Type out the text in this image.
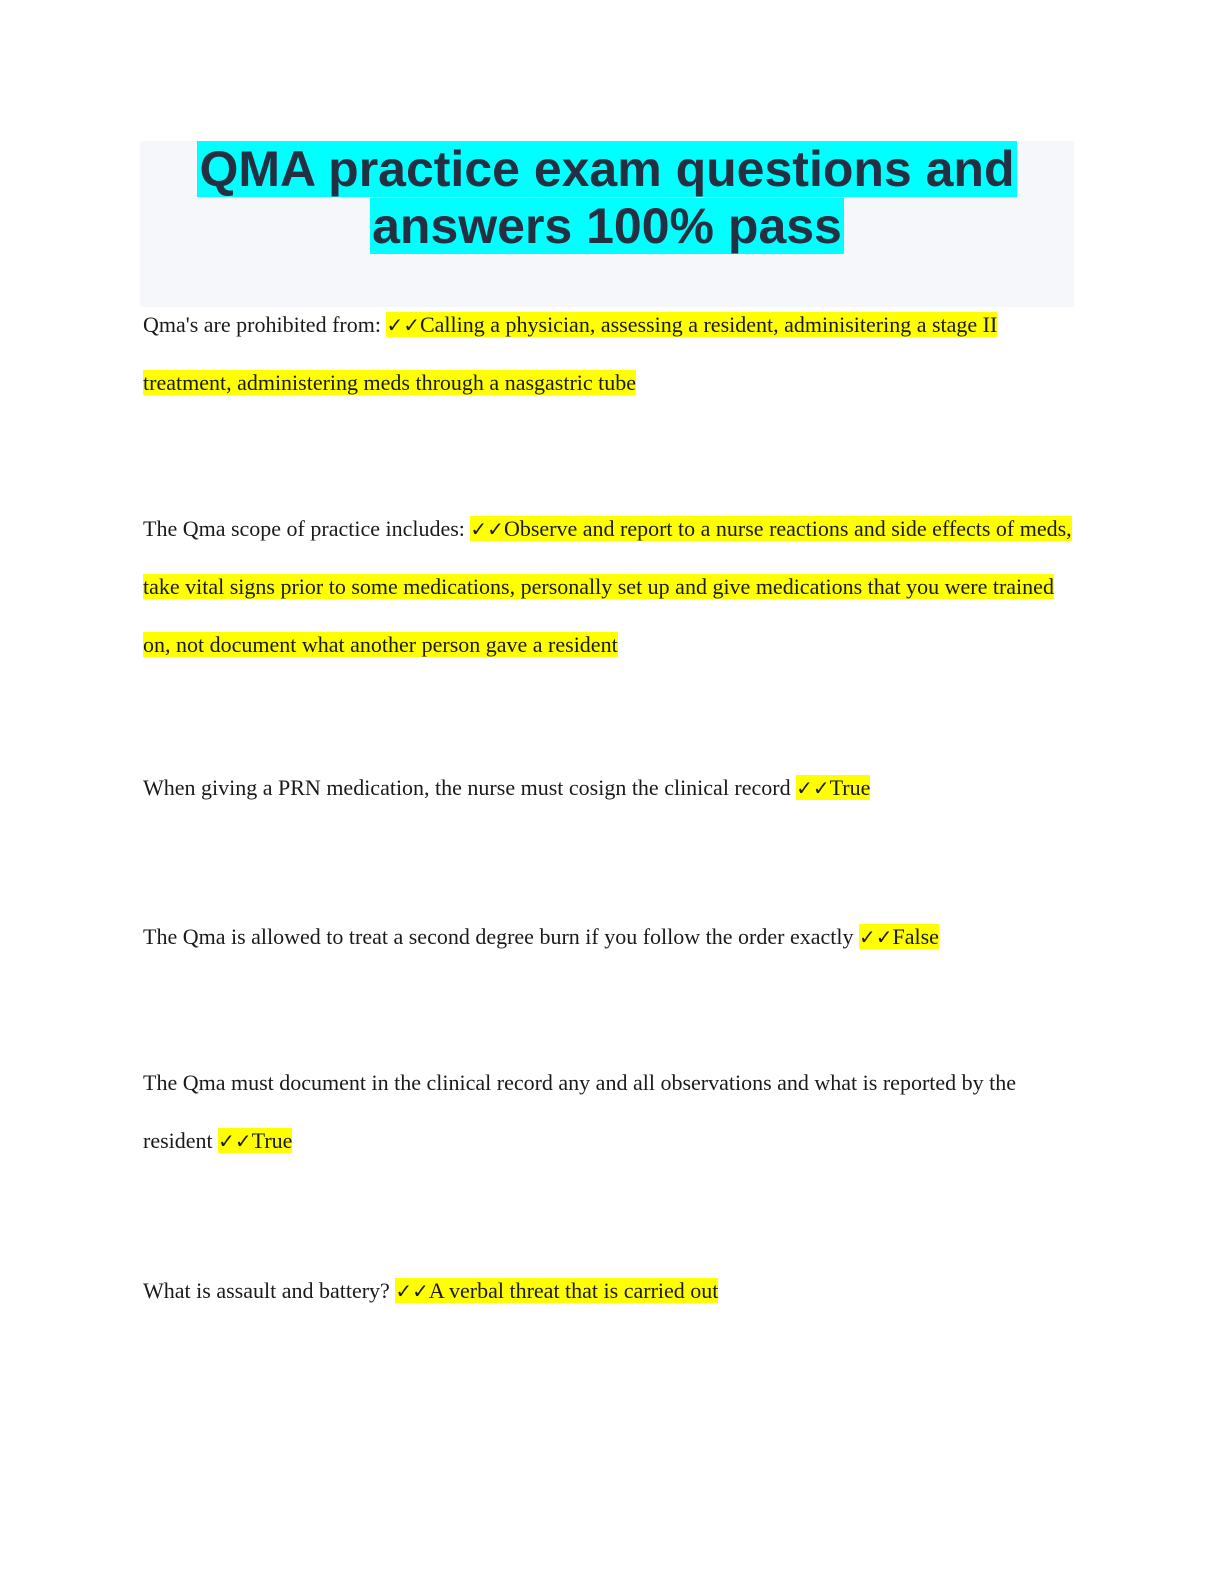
QMA practice exam questions and answers 100% pass

Qma's are prohibited from: ✓✓Calling a physician, assessing a resident, adminisitering a stage II treatment, administering meds through a nasgastric tube

The Qma scope of practice includes: ✓✓Observe and report to a nurse reactions and side effects of meds, take vital signs prior to some medications, personally set up and give medications that you were trained on, not document what another person gave a resident

When giving a PRN medication, the nurse must cosign the clinical record ✓✓True

The Qma is allowed to treat a second degree burn if you follow the order exactly ✓✓False

The Qma must document in the clinical record any and all observations and what is reported by the resident ✓✓True

What is assault and battery? ✓✓A verbal threat that is carried out
